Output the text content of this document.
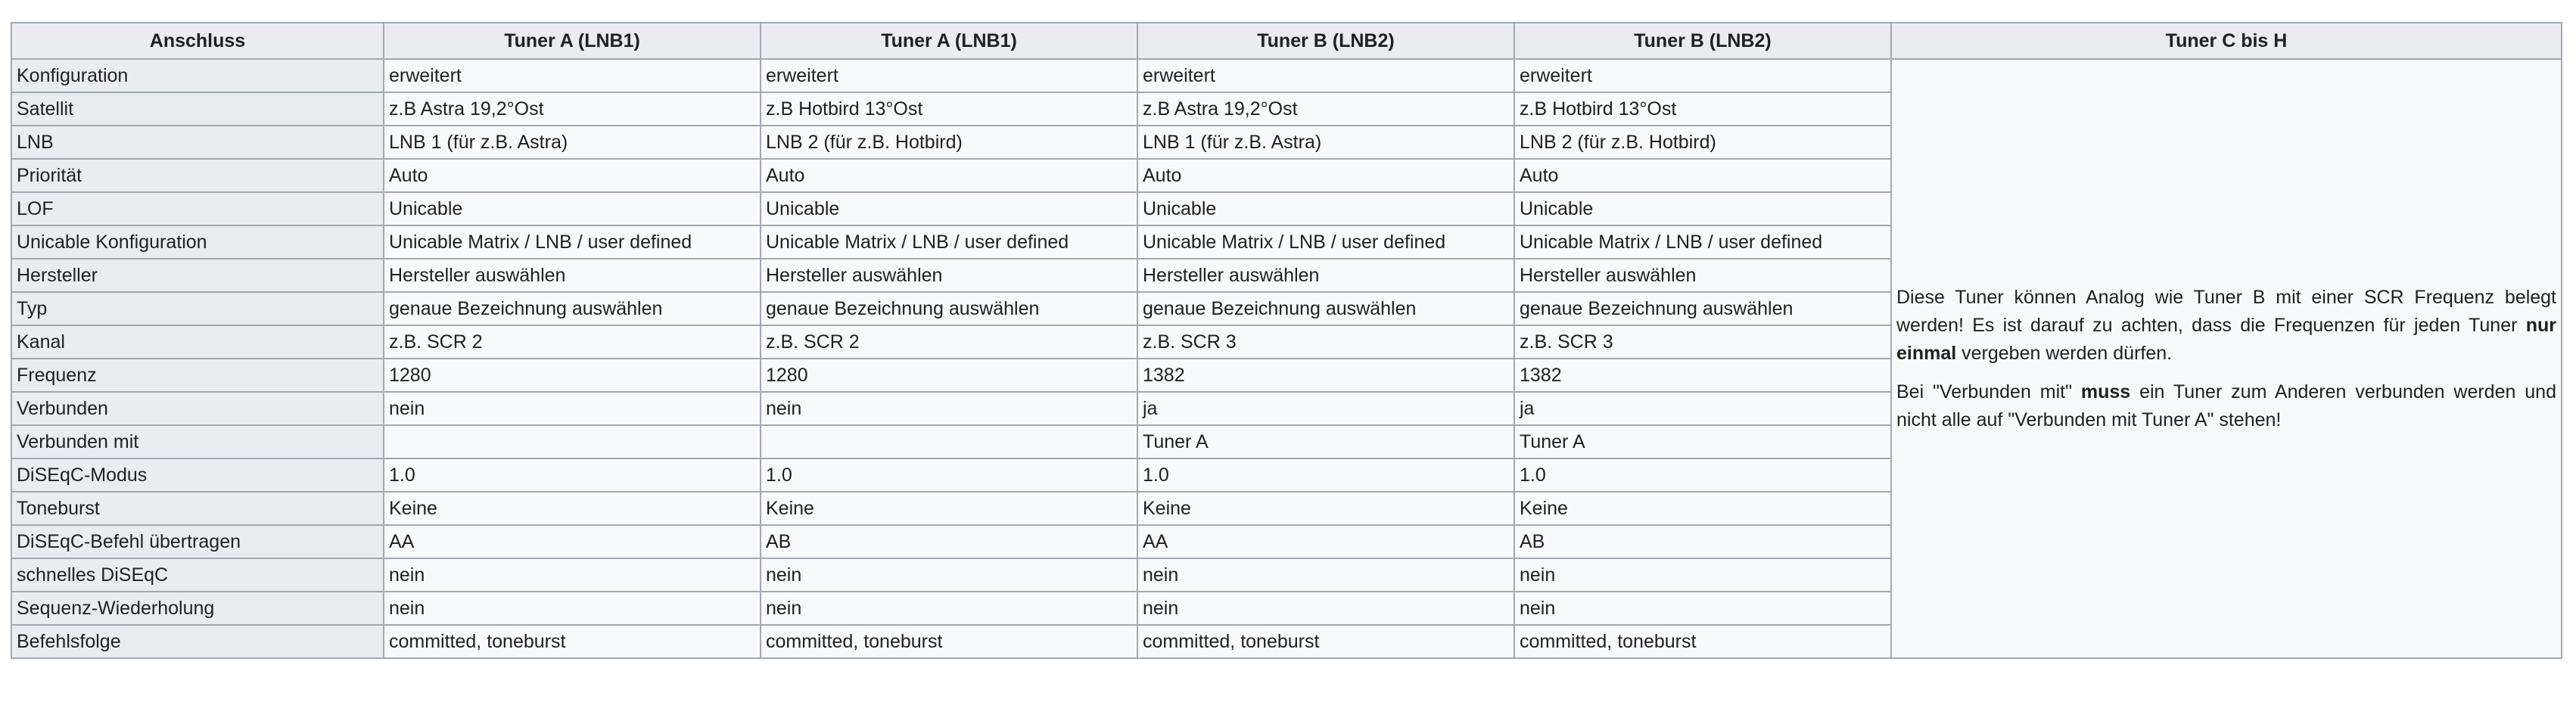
Anschluss	Tuner A (LNB1)	Tuner A (LNB1)	Tuner B (LNB2)	Tuner B (LNB2)	Tuner C bis H
Konfiguration	erweitert	erweitert	erweitert	erweitert	Diese Tuner können Analog wie Tuner B mit einer SCR Frequenz belegt werden! Es ist darauf zu achten, dass die Frequenzen für jeden Tuner nur einmal vergeben werden dürfen.

Bei "Verbunden mit" muss ein Tuner zum Anderen verbunden werden und nicht alle auf "Verbunden mit Tuner A" stehen!

Satellit	z.B Astra 19,2°Ost	z.B Hotbird 13°Ost	z.B Astra 19,2°Ost	z.B Hotbird 13°Ost	
LNB	LNB 1 (für z.B. Astra)	LNB 2 (für z.B. Hotbird)	LNB 1 (für z.B. Astra)	LNB 2 (für z.B. Hotbird)	
Priorität	Auto	Auto	Auto	Auto	
LOF	Unicable	Unicable	Unicable	Unicable	
Unicable Konfiguration	Unicable Matrix / LNB / user defined	Unicable Matrix / LNB / user defined	Unicable Matrix / LNB / user defined	Unicable Matrix / LNB / user defined	
Hersteller	Hersteller auswählen	Hersteller auswählen	Hersteller auswählen	Hersteller auswählen	
Typ	genaue Bezeichnung auswählen	genaue Bezeichnung auswählen	genaue Bezeichnung auswählen	genaue Bezeichnung auswählen	
Kanal	z.B. SCR 2	z.B. SCR 2	z.B. SCR 3	z.B. SCR 3	
Frequenz	1280	1280	1382	1382	
Verbunden	nein	nein	ja	ja	
Verbunden mit			Tuner A	Tuner A	
DiSEqC-Modus	1.0	1.0	1.0	1.0	
Toneburst	Keine	Keine	Keine	Keine	
DiSEqC-Befehl übertragen	AA	AB	AA	AB	
schnelles DiSEqC	nein	nein	nein	nein	
Sequenz-Wiederholung	nein	nein	nein	nein	
Befehlsfolge	committed, toneburst	committed, toneburst	committed, toneburst	committed, toneburst	
